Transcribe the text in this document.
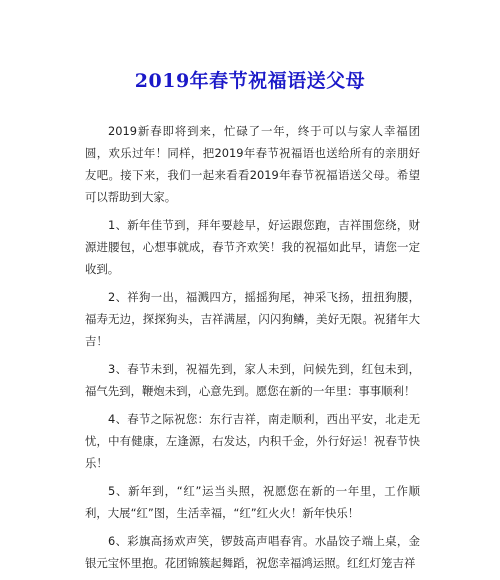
2019年春节祝福语送父母

2019新春即将到来，忙碌了一年，终于可以与家人幸福团圆，欢乐过年！同样，把2019年春节祝福语也送给所有的亲朋好友吧。接下来，我们一起来看看2019年春节祝福语送父母。希望可以帮助到大家。

1、新年佳节到，拜年要趁早，好运跟您跑，吉祥围您绕，财源进腰包，心想事就成，春节齐欢笑！我的祝福如此早，请您一定收到。

2、祥狗一出，福溅四方，摇摇狗尾，神采飞扬，扭扭狗腰，福寿无边，探探狗头，吉祥满屋，闪闪狗鳞，美好无限。祝猪年大吉！

3、春节未到，祝福先到，家人未到，问候先到，红包未到，福气先到，鞭炮未到，心意先到。愿您在新的一年里：事事顺利！

4、春节之际祝您：东行吉祥，南走顺利，西出平安，北走无忧，中有健康，左逢源，右发达，内积千金，外行好运！祝春节快乐！

5、新年到，“红”运当头照，祝愿您在新的一年里，工作顺利，大展“红”图，生活幸福，“红”红火火！新年快乐！

6、彩旗高扬欢声笑，锣鼓高声唱春宵。水晶饺子端上桌，金银元宝怀里抱。花团锦簇起舞蹈，祝您幸福鸿运照。红红灯笼吉祥
